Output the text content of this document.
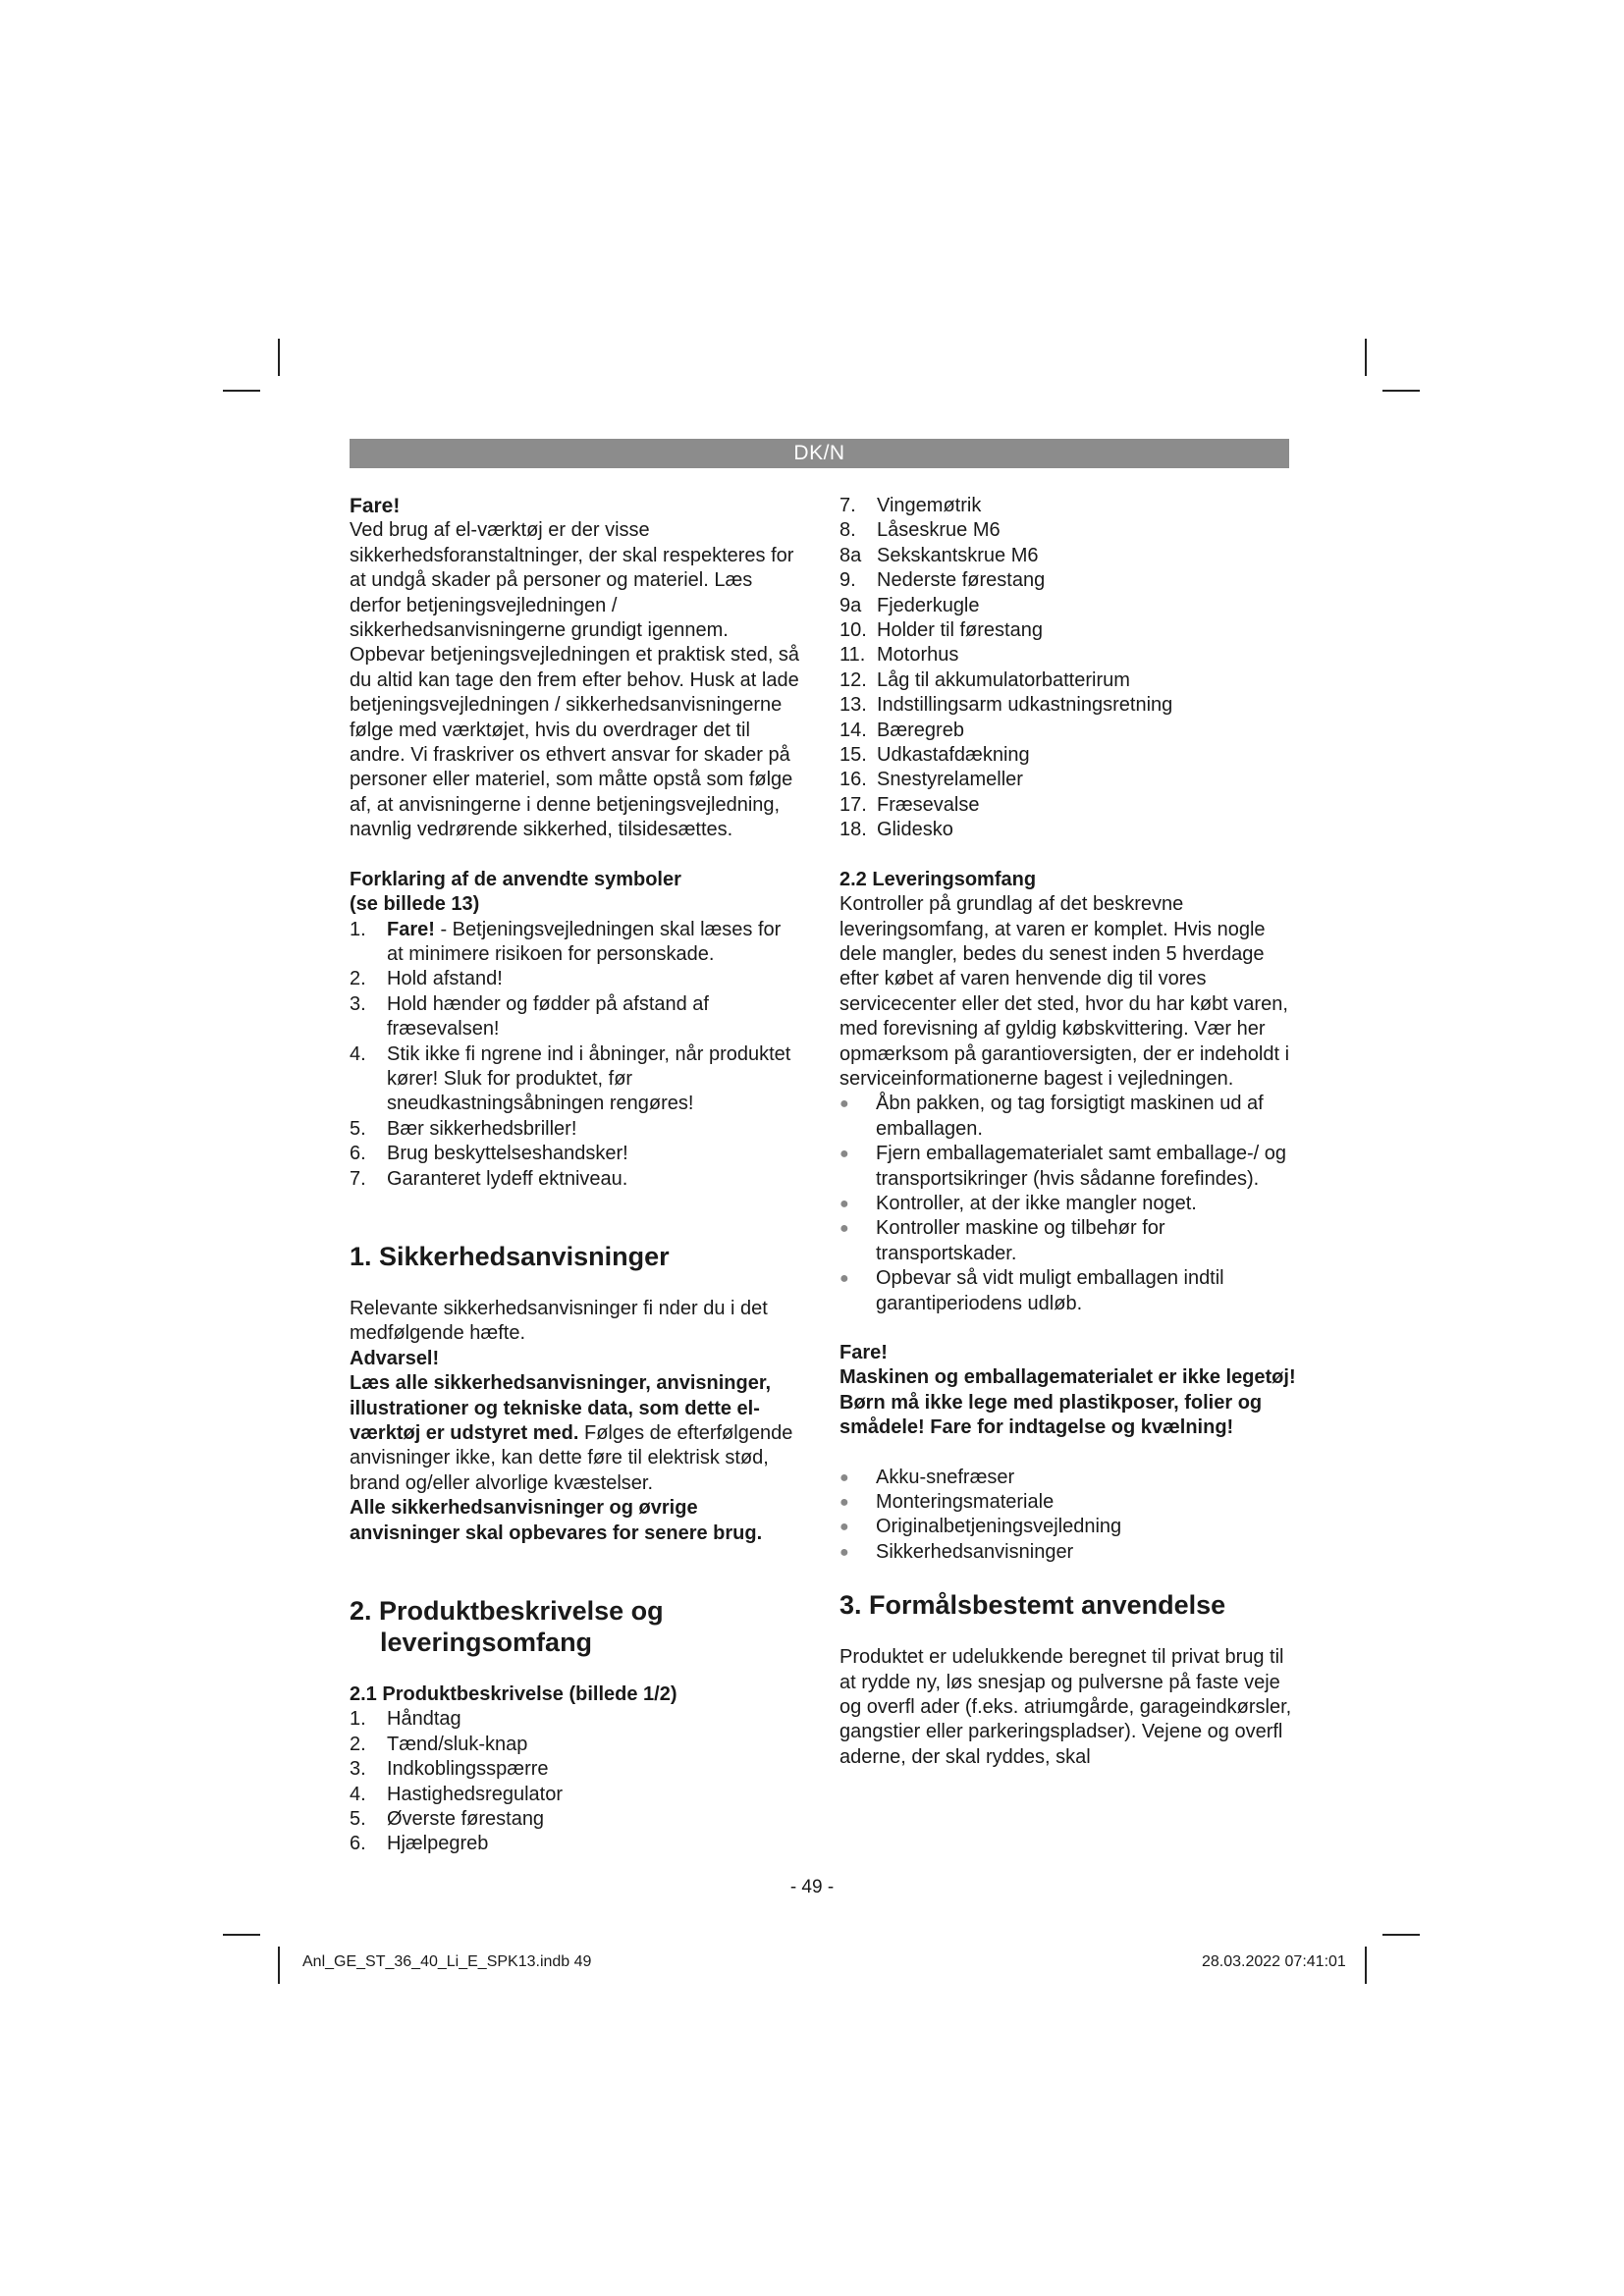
DK/N
Fare!

Ved brug af el-værktøj er der visse sikkerhedsforanstaltninger, der skal respekteres for at undgå skader på personer og materiel. Læs derfor betjeningsvejledningen / sikkerhedsanvisningerne grundigt igennem. Opbevar betjeningsvejledningen et praktisk sted, så du altid kan tage den frem efter behov. Husk at lade betjeningsvejledningen / sikkerhedsanvisningerne følge med værktøjet, hvis du overdrager det til andre. Vi fraskriver os ethvert ansvar for skader på personer eller materiel, som måtte opstå som følge af, at anvisningerne i denne betjeningsvejledning, navnlig vedrørende sikkerhed, tilsidesættes.

Forklaring af de anvendte symboler
(se billede 13)
1. Fare! - Betjeningsvejledningen skal læses for at minimere risikoen for personskade.
2. Hold afstand!
3. Hold hænder og fødder på afstand af fræsevalsen!
4. Stik ikke fi ngrene ind i åbninger, når produktet kører! Sluk for produktet, før sneudkastningsåbningen rengøres!
5. Bær sikkerhedsbriller!
6. Brug beskyttelseshandsker!
7. Garanteret lydeff ektniveau.
1. Sikkerhedsanvisninger

Relevante sikkerhedsanvisninger fi nder du i det medfølgende hæfte.

Advarsel!

Læs alle sikkerhedsanvisninger, anvisninger, illustrationer og tekniske data, som dette el-værktøj er udstyret med. Følges de efterfølgende anvisninger ikke, kan dette føre til elektrisk stød, brand og/eller alvorlige kvæstelser.

Alle sikkerhedsanvisninger og øvrige anvisninger skal opbevares for senere brug.

2. Produktbeskrivelse og
leveringsomfang
2.1 Produktbeskrivelse (billede 1/2)
1. Håndtag
2. Tænd/sluk-knap
3. Indkoblingsspærre
4. Hastighedsregulator
5. Øverste førestang
6. Hjælpegreb
7. Vingemøtrik
8. Låseskrue M6
8a Sekskantskrue M6
9. Nederste førestang
9a Fjederkugle
10. Holder til førestang
11. Motorhus
12. Låg til akkumulatorbatterirum
13. Indstillingsarm udkastningsretning
14. Bæregreb
15. Udkastafdækning
16. Snestyrelameller
17. Fræsevalse
18. Glidesko
2.2 Leveringsomfang

Kontroller på grundlag af det beskrevne leveringsomfang, at varen er komplet. Hvis nogle dele mangler, bedes du senest inden 5 hverdage efter købet af varen henvende dig til vores servicecenter eller det sted, hvor du har købt varen, med forevisning af gyldig købskvittering. Vær her opmærksom på garantioversigten, der er indeholdt i serviceinformationerne bagest i vejledningen.

● Åbn pakken, og tag forsigtigt maskinen ud af emballagen.
● Fjern emballagematerialet samt emballage-/ og transportsikringer (hvis sådanne forefindes).
● Kontroller, at der ikke mangler noget.
● Kontroller maskine og tilbehør for transportskader.
● Opbevar så vidt muligt emballagen indtil garantiperiodens udløb.
Fare!

Maskinen og emballagematerialet er ikke legetøj! Børn må ikke lege med plastikposer, folier og smådele! Fare for indtagelse og kvælning!

● Akku-snefræser
● Monteringsmateriale
● Originalbetjeningsvejledning
● Sikkerhedsanvisninger
3. Formålsbestemt anvendelse

Produktet er udelukkende beregnet til privat brug til at rydde ny, løs snesjap og pulversne på faste veje og overfl ader (f.eks. atriumgårde, garageindkørsler, gangstier eller parkeringspladser). Vejene og overfl aderne, der skal ryddes, skal

- 49 -
Anl_GE_ST_36_40_Li_E_SPK13.indb 49	28.03.2022 07:41:01
